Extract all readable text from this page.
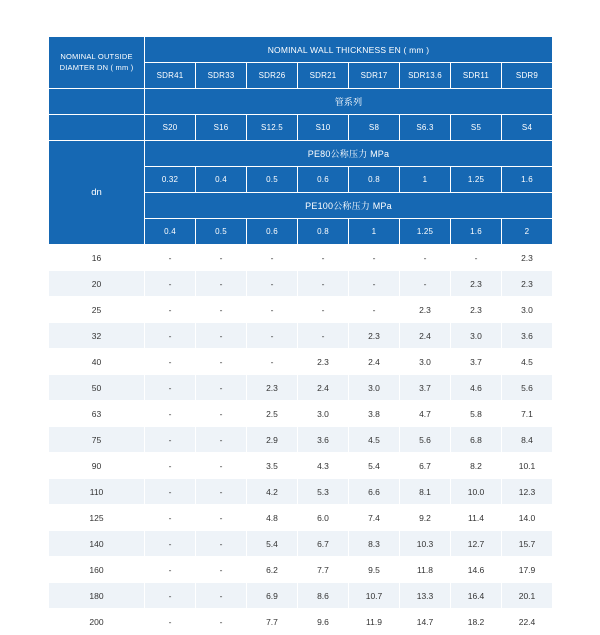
NOMINAL OUTSIDE
DIAMTER DN ( mm )	NOMINAL WALL THICKNESS EN ( mm )							
	SDR41	SDR33	SDR26	SDR21	SDR17	SDR13.6	SDR11	SDR9
	管系列							
	S20	S16	S12.5	S10	S8	S6.3	S5	S4
dn	PE80公称压力 MPa							
	0.32	0.4	0.5	0.6	0.8	1	1.25	1.6
	PE100公称压力 MPa							
	0.4	0.5	0.6	0.8	1	1.25	1.6	2
16	-	-	-	-	-	-	-	2.3
20	-	-	-	-	-	-	2.3	2.3
25	-	-	-	-	-	2.3	2.3	3.0
32	-	-	-	-	2.3	2.4	3.0	3.6
40	-	-	-	2.3	2.4	3.0	3.7	4.5
50	-	-	2.3	2.4	3.0	3.7	4.6	5.6
63	-	-	2.5	3.0	3.8	4.7	5.8	7.1
75	-	-	2.9	3.6	4.5	5.6	6.8	8.4
90	-	-	3.5	4.3	5.4	6.7	8.2	10.1
110	-	-	4.2	5.3	6.6	8.1	10.0	12.3
125	-	-	4.8	6.0	7.4	9.2	11.4	14.0
140	-	-	5.4	6.7	8.3	10.3	12.7	15.7
160	-	-	6.2	7.7	9.5	11.8	14.6	17.9
180	-	-	6.9	8.6	10.7	13.3	16.4	20.1
200	-	-	7.7	9.6	11.9	14.7	18.2	22.4
